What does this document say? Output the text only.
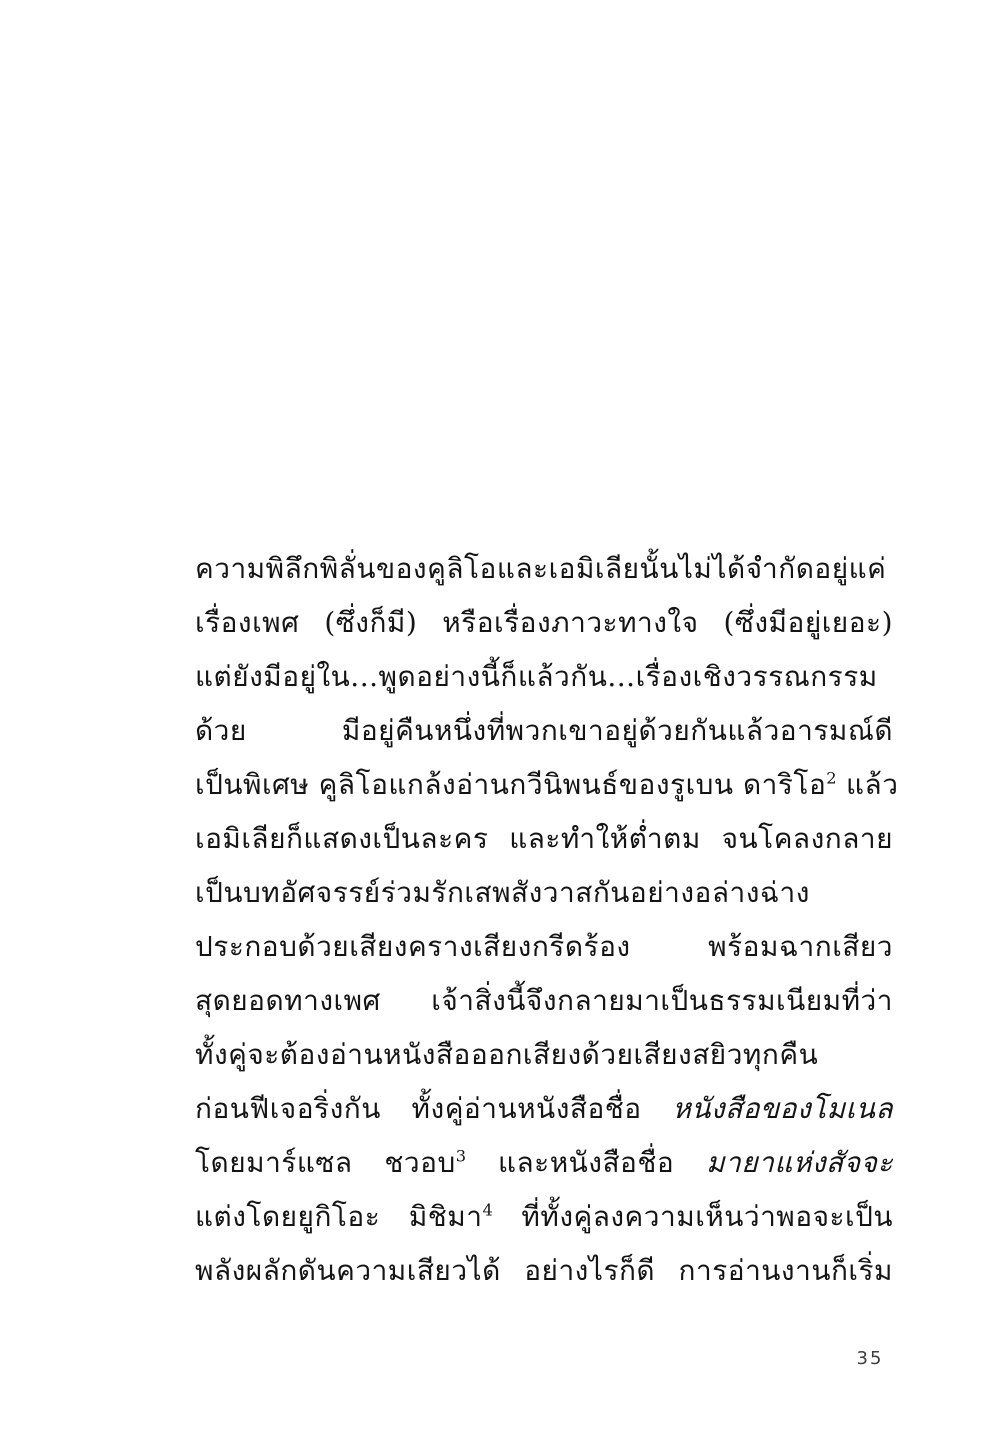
ความพิลึกพิลั่นของคูลิโอและเอมิเลียนั้นไม่ได้จำกัดอยู่แค่

เรื่องเพศ (ซึ่งก็มี) หรือเรื่องภาวะทางใจ (ซึ่งมีอยู่เยอะ)

แต่ยังมีอยู่ใน...พูดอย่างนี้ก็แล้วกัน...เรื่องเชิงวรรณกรรม

ด้วย มีอยู่คืนหนึ่งที่พวกเขาอยู่ด้วยกันแล้วอารมณ์ดี

เป็นพิเศษ คูลิโอแกล้งอ่านกวีนิพนธ์ของรูเบน ดาริโอ$^2$ แล้ว

เอมิเลียก็แสดงเป็นละคร และทำให้ต่ำตม จนโคลงกลาย

เป็นบทอัศจรรย์ร่วมรักเสพสังวาสกันอย่างอล่างฉ่าง

ประกอบด้วยเสียงครางเสียงกรีดร้อง พร้อมฉากเสียว

สุดยอดทางเพศ เจ้าสิ่งนี้จึงกลายมาเป็นธรรมเนียมที่ว่า

ทั้งคู่จะต้องอ่านหนังสือออกเสียงด้วยเสียงสยิวทุกคืน

ก่อนฟีเจอริ่งกัน ทั้งคู่อ่านหนังสือชื่อ หนังสือของโมเนล

โดยมาร์แซล ชวอบ$^3$ และหนังสือชื่อ มายาแห่งสัจจะ

แต่งโดยยูกิโอะ มิชิมา$^4$ ที่ทั้งคู่ลงความเห็นว่าพอจะเป็น

พลังผลักดันความเสียวได้ อย่างไรก็ดี การอ่านงานก็เริ่ม

35
